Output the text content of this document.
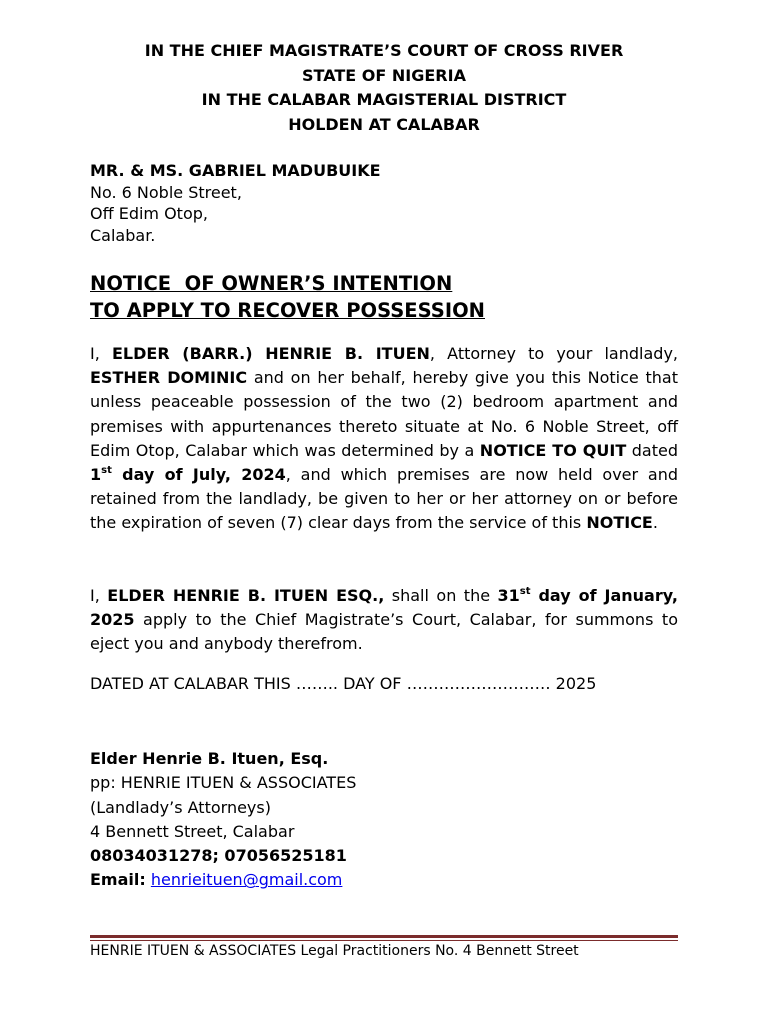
IN THE CHIEF MAGISTRATE’S COURT OF CROSS RIVER
STATE OF NIGERIA
IN THE CALABAR MAGISTERIAL DISTRICT
HOLDEN AT CALABAR
MR. & MS. GABRIEL MADUBUIKE
No. 6 Noble Street,
Off Edim Otop,
Calabar.
NOTICE  OF OWNER’S INTENTION
TO APPLY TO RECOVER POSSESSION
I, ELDER (BARR.) HENRIE B. ITUEN, Attorney to your landlady, ESTHER DOMINIC and on her behalf, hereby give you this Notice that unless peaceable possession of the two (2) bedroom apartment and premises with appurtenances thereto situate at No. 6 Noble Street, off Edim Otop, Calabar which was determined by a NOTICE TO QUIT dated 1st day of July, 2024, and which premises are now held over and retained from the landlady, be given to her or her attorney on or before the expiration of seven (7) clear days from the service of this NOTICE.
I, ELDER HENRIE B. ITUEN ESQ., shall on the 31st day of January, 2025 apply to the Chief Magistrate’s Court, Calabar, for summons to eject you and anybody therefrom.
DATED AT CALABAR THIS …….. DAY OF ……………………… 2025
Elder Henrie B. Ituen, Esq.
pp: HENRIE ITUEN & ASSOCIATES
(Landlady’s Attorneys)
4 Bennett Street, Calabar
08034031278; 07056525181
Email: henrieituen@gmail.com
HENRIE ITUEN & ASSOCIATES Legal Practitioners No. 4 Bennett Street
